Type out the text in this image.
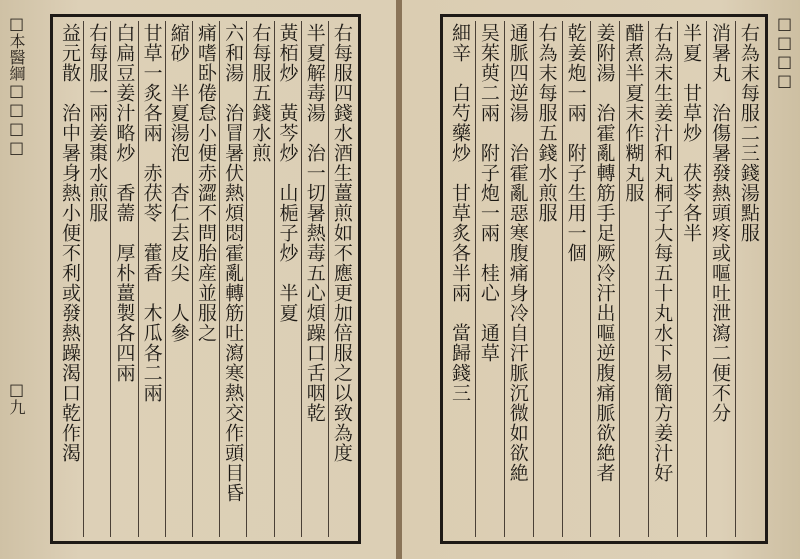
□本醫綱□□□□	右每服四錢水酒生薑煎如不應更加倍服之以致為度
半夏解毒湯　治一切暑熱毒五心煩躁口舌咽乾
黃栢炒　黃芩炒　山梔子炒　半夏
右每服五錢水煎
六和湯　治冒暑伏熱煩悶霍亂轉筋吐瀉寒熱交作頭目昏
痛嗜卧倦怠小便赤澀不問胎産並服之
縮砂　半夏湯泡　杏仁去皮尖　人參
甘草一炙各兩　赤茯苓　藿香　木瓜各二兩
白扁豆姜汁略炒　香薷　厚朴薑製各四兩
右每服一兩姜棗水煎服
益元散　治中暑身熱小便不利或發熱躁渴口乾作渴	右為末每服二三錢湯點服
消暑丸　治傷暑發熱頭疼或嘔吐泄瀉二便不分
半夏　甘草炒　茯苓各半
右為末生姜汁和丸桐子大每五十丸水下易簡方姜汁好
醋煮半夏末作糊丸服
姜附湯　治霍亂轉筋手足厥冷汗出嘔逆腹痛脈欲絶者
乾姜炮一兩　附子生用一個
右為末每服五錢水煎服
通脈四逆湯　治霍亂惡寒腹痛身冷自汗脈沉微如欲絶
吴茱萸二兩　附子炮一兩　桂心　通草
細辛　白芍藥炒　甘草炙各半兩　當歸錢三	□□□□
□九
